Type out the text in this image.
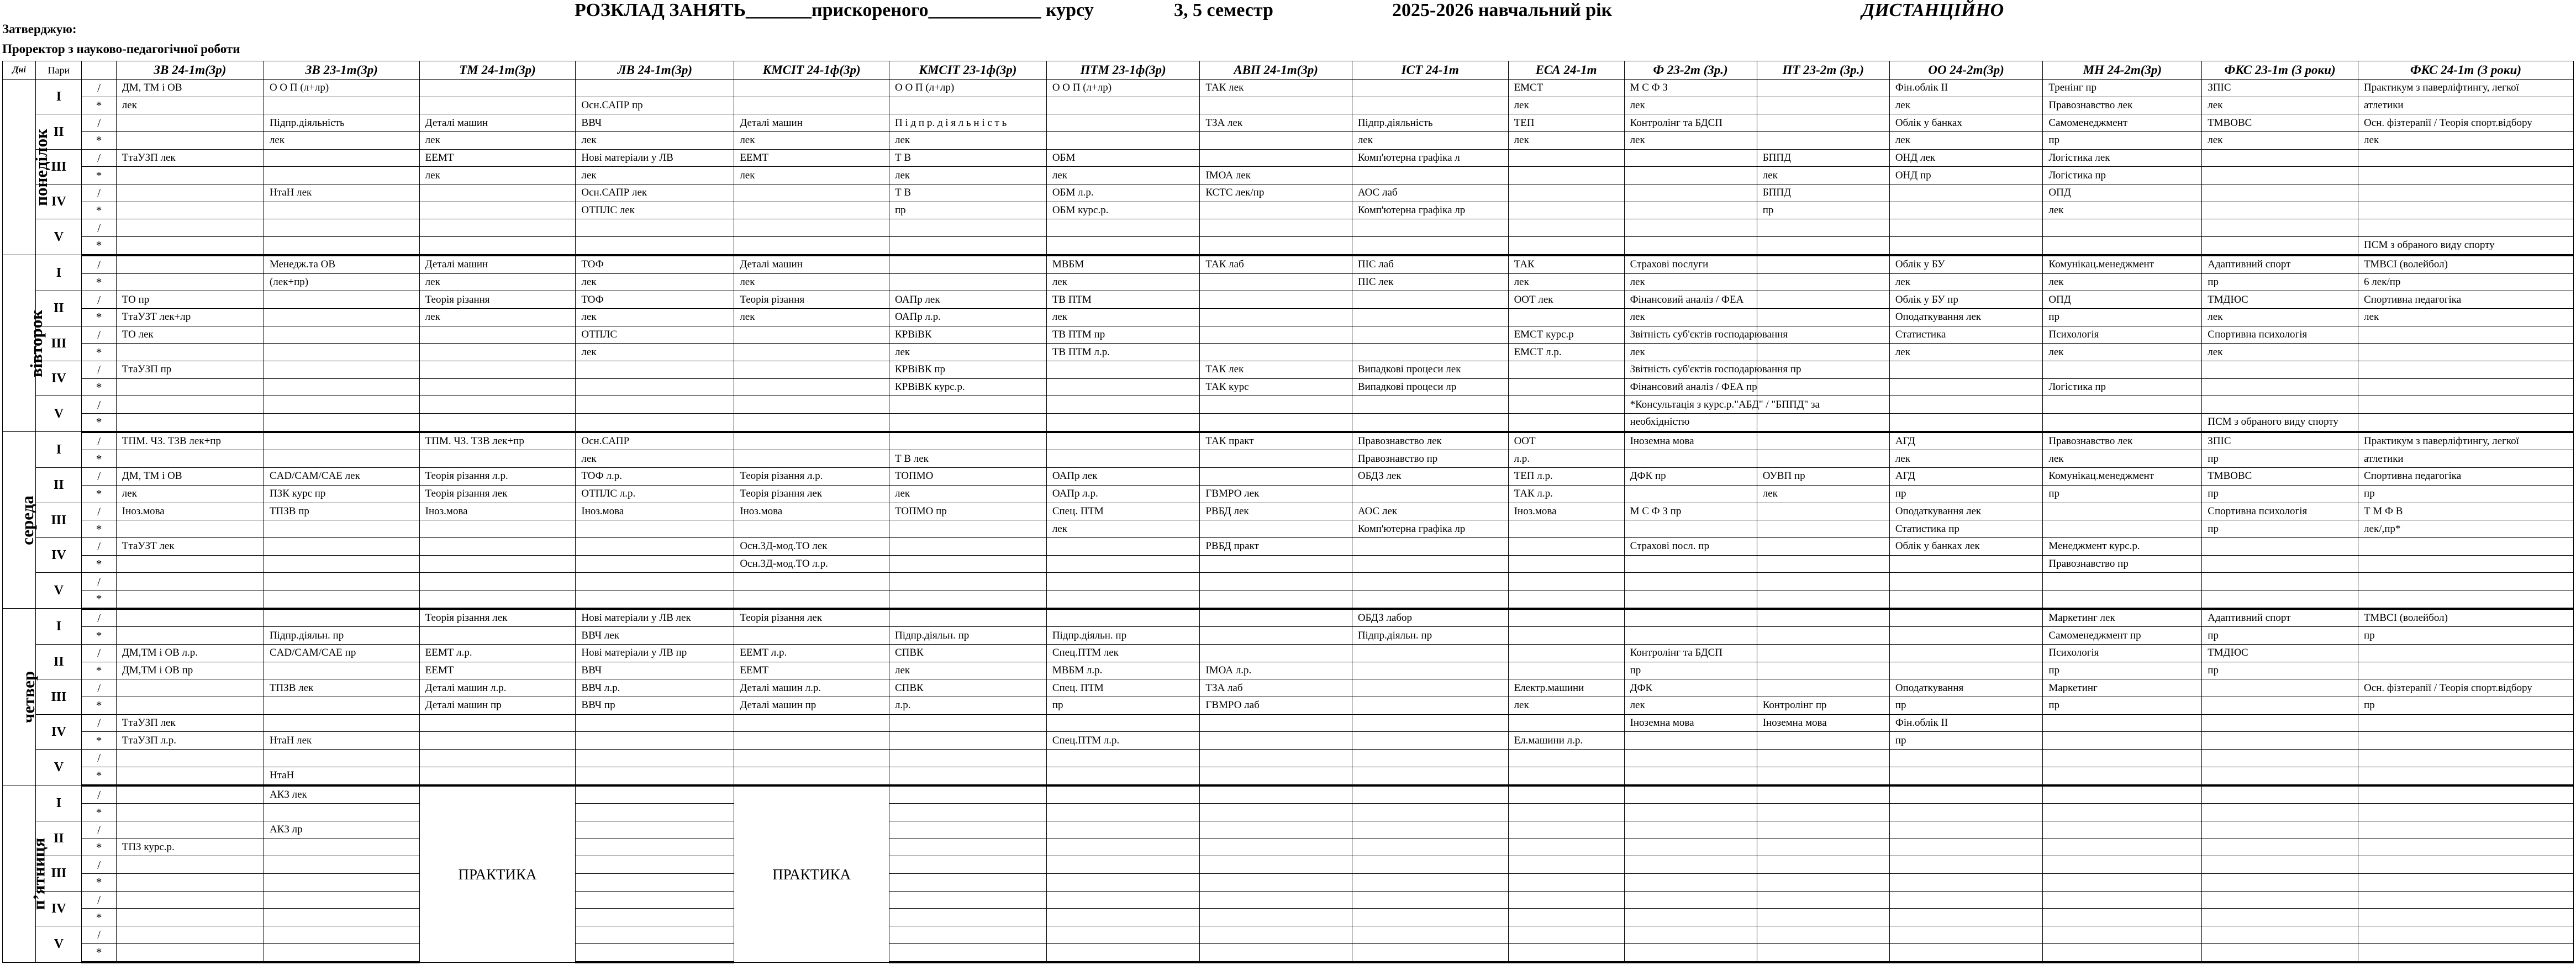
Затверджую:
Проректор з науково-педагогічної роботи
РОЗКЛАД ЗАНЯТЬ_______прискореного____________ курсу	3, 5 семестр	2025-2026 навчальний рік	ДИСТАНЦІЙНО
Дні	Пари		ЗВ 24-1т(3р)	ЗВ 23-1т(3р)	ТМ 24-1т(3р)	ЛВ 24-1т(3р)	КМСІТ 24-1ф(3р)	КМСІТ 23-1ф(3р)	ПТМ 23-1ф(3р)	АВП 24-1т(3р)	ІСТ 24-1т	ЕСА 24-1т	Ф 23-2т (3р.)	ПТ 23-2т (3р.)	ОО 24-2т(3р)	МН 24-2т(3р)	ФКС 23-1т (3 роки)	ФКС 24-1т (3 роки)
понеділок	I	/	ДМ, ТМ і ОВ	О О П (л+лр)				О О П (л+лр)	О О П (л+лр)	ТАК лек		ЕМСТ	М С Ф З		Фін.облік ІІ	Тренінг пр	ЗПІС	Практикум з паверліфтингу, легкої
		*	лек			Осн.САПР пр						лек	лек		лек	Правознавство лек	лек	атлетики
	II	/		Підпр.діяльність	Деталі машин	ВВЧ	Деталі машин	П і д п р. д і я л ь н і с т ь		ТЗА лек	Підпр.діяльність	ТЕП	Контролінг та БДСП		Облік у банках	Самоменеджмент	ТМВОВС	Осн. фізтерапії / Теорія спорт.відбору
		*		лек	лек	лек	лек	лек			лек	лек	лек		лек	пр	лек	лек
	III	/	ТтаУЗП лек		ЕЕМТ	Нові матеріали у ЛВ	ЕЕМТ	Т В	ОБМ		Комп'ютерна графіка л			БППД	ОНД лек	Логістика лек		
		*			лек	лек	лек	лек	лек	ІМОА лек				лек	ОНД пр	Логістика пр		
	IV	/		НтаН лек		Осн.САПР лек		Т В	ОБМ л.р.	КСТС лек/пр	АОС лаб			БППД		ОПД		
		*				ОТПЛС лек		пр	ОБМ курс.р.		Комп'ютерна графіка лр			пр		лек		
	V	/																
		*																ПСМ з обраного виду спорту
вівторок	I	/		Менедж.та ОВ	Деталі машин	ТОФ	Деталі машин		МВБМ	ТАК лаб	ПІС лаб	ТАК	Страхові послуги		Облік у БУ	Комунікац.менеджмент	Адаптивний спорт	ТМВСІ (волейбол)
		*		(лек+пр)	лек	лек	лек		лек		ПІС лек	лек	лек		лек	лек	пр	6 лек/пр
	II	/	ТО пр		Теорія різання	ТОФ	Теорія різання	ОАПр лек	ТВ ПТМ			ООТ лек	Фінансовий аналіз / ФЕА		Облік у БУ пр	ОПД	ТМДЮС	Спортивна педагогіка
		*	ТтаУЗТ лек+лр		лек	лек	лек	ОАПр л.р.	лек				лек		Оподаткування лек	пр	лек	лек
	III	/	ТО лек			ОТПЛС		КРВіВК	ТВ ПТМ пр			ЕМСТ курс.р	Звітність суб'єктів господарювання		Статистика	Психологія	Спортивна психологія	
		*				лек		лек	ТВ ПТМ л.р.			ЕМСТ л.р.	лек		лек	лек	лек	
	IV	/	ТтаУЗП пр					КРВіВК пр		ТАК лек	Випадкові процеси лек		Звітність суб'єктів господарювання пр					
		*						КРВіВК курс.р.		ТАК курс	Випадкові процеси лр		Фінансовий аналіз / ФЕА пр			Логістика пр		
	V	/											*Консультація з курс.р."АБД" / "БППД" за					
		*											необхідністю				ПСМ з обраного виду спорту	
середа	I	/	ТПМ. ЧЗ. ТЗВ лек+пр		ТПМ. ЧЗ. ТЗВ лек+пр	Осн.САПР				ТАК практ	Правознавство лек	ООТ	Іноземна мова		АГД	Правознавство лек	ЗПІС	Практикум з паверліфтингу, легкої
		*				лек		Т В лек			Правознавство пр	л.р.			лек	лек	пр	атлетики
	II	/	ДМ, ТМ і ОВ	CAD/CAM/CAE лек	Теорія різання л.р.	ТОФ л.р.	Теорія різання л.р.	ТОПМО	ОАПр лек		ОБДЗ лек	ТЕП л.р.	ДФК пр	ОУВП пр	АГД	Комунікац.менеджмент	ТМВОВС	Спортивна педагогіка
		*	лек	ПЗК курс пр	Теорія різання лек	ОТПЛС л.р.	Теорія різання лек	лек	ОАПр л.р.	ГВМРО лек		ТАК л.р.		лек	пр	пр	пр	пр
	III	/	Іноз.мова	ТПЗВ пр	Іноз.мова	Іноз.мова	Іноз.мова	ТОПМО пр	Спец. ПТМ	РВБД лек	АОС лек	Іноз.мова	М С Ф З пр		Оподаткування лек		Спортивна психологія	Т М Ф В
		*							лек		Комп'ютерна графіка лр				Статистика пр		пр	лек/,пр*
	IV	/	ТтаУЗТ лек				Осн.3Д-мод.ТО лек			РВБД практ			Страхові посл. пр		Облік у банках лек	Менеджмент курс.р.		
		*					Осн.3Д-мод.ТО л.р.									Правознавство пр		
	V	/																
		*																
четвер	I	/			Теорія різання лек	Нові матеріали у ЛВ лек	Теорія різання лек				ОБДЗ лабор					Маркетинг лек	Адаптивний спорт	ТМВСІ (волейбол)
		*		Підпр.діяльн. пр		ВВЧ лек		Підпр.діяльн. пр	Підпр.діяльн. пр		Підпр.діяльн. пр					Самоменеджмент пр	пр	пр
	II	/	ДМ,ТМ і ОВ л.р.	CAD/CAM/CAE пр	ЕЕМТ л.р.	Нові матеріали у ЛВ пр	ЕЕМТ л.р.	СПВК	Спец.ПТМ лек				Контролінг та БДСП			Психологія	ТМДЮС	
		*	ДМ,ТМ і ОВ пр		ЕЕМТ	ВВЧ	ЕЕМТ	лек	МВБМ л.р.	ІМОА л.р.			пр			пр	пр	
	III	/		ТПЗВ лек	Деталі машин л.р.	ВВЧ л.р.	Деталі машин л.р.	СПВК	Спец. ПТМ	ТЗА лаб		Електр.машини	ДФК		Оподаткування	Маркетинг		Осн. фізтерапії / Теорія спорт.відбору
		*			Деталі машин пр	ВВЧ пр	Деталі машин пр	л.р.	пр	ГВМРО лаб		лек	лек	Контролінг пр	пр	пр		пр
	IV	/	ТтаУЗП лек										Іноземна мова	Іноземна мова	Фін.облік ІІ			
		*	ТтаУЗП л.р.	НтаН лек					Спец.ПТМ л.р.			Ел.машини л.р.			пр			
	V	/																
		*		НтаН														
п’ятниця	I	/		АКЗ лек	ПРАКТИКА		ПРАКТИКА											
		*																
	II	/		АКЗ лр														
		*	ТПЗ курс.р.															
	III	/																
		*																
	IV	/																
		*																
	V	/																
		*																
